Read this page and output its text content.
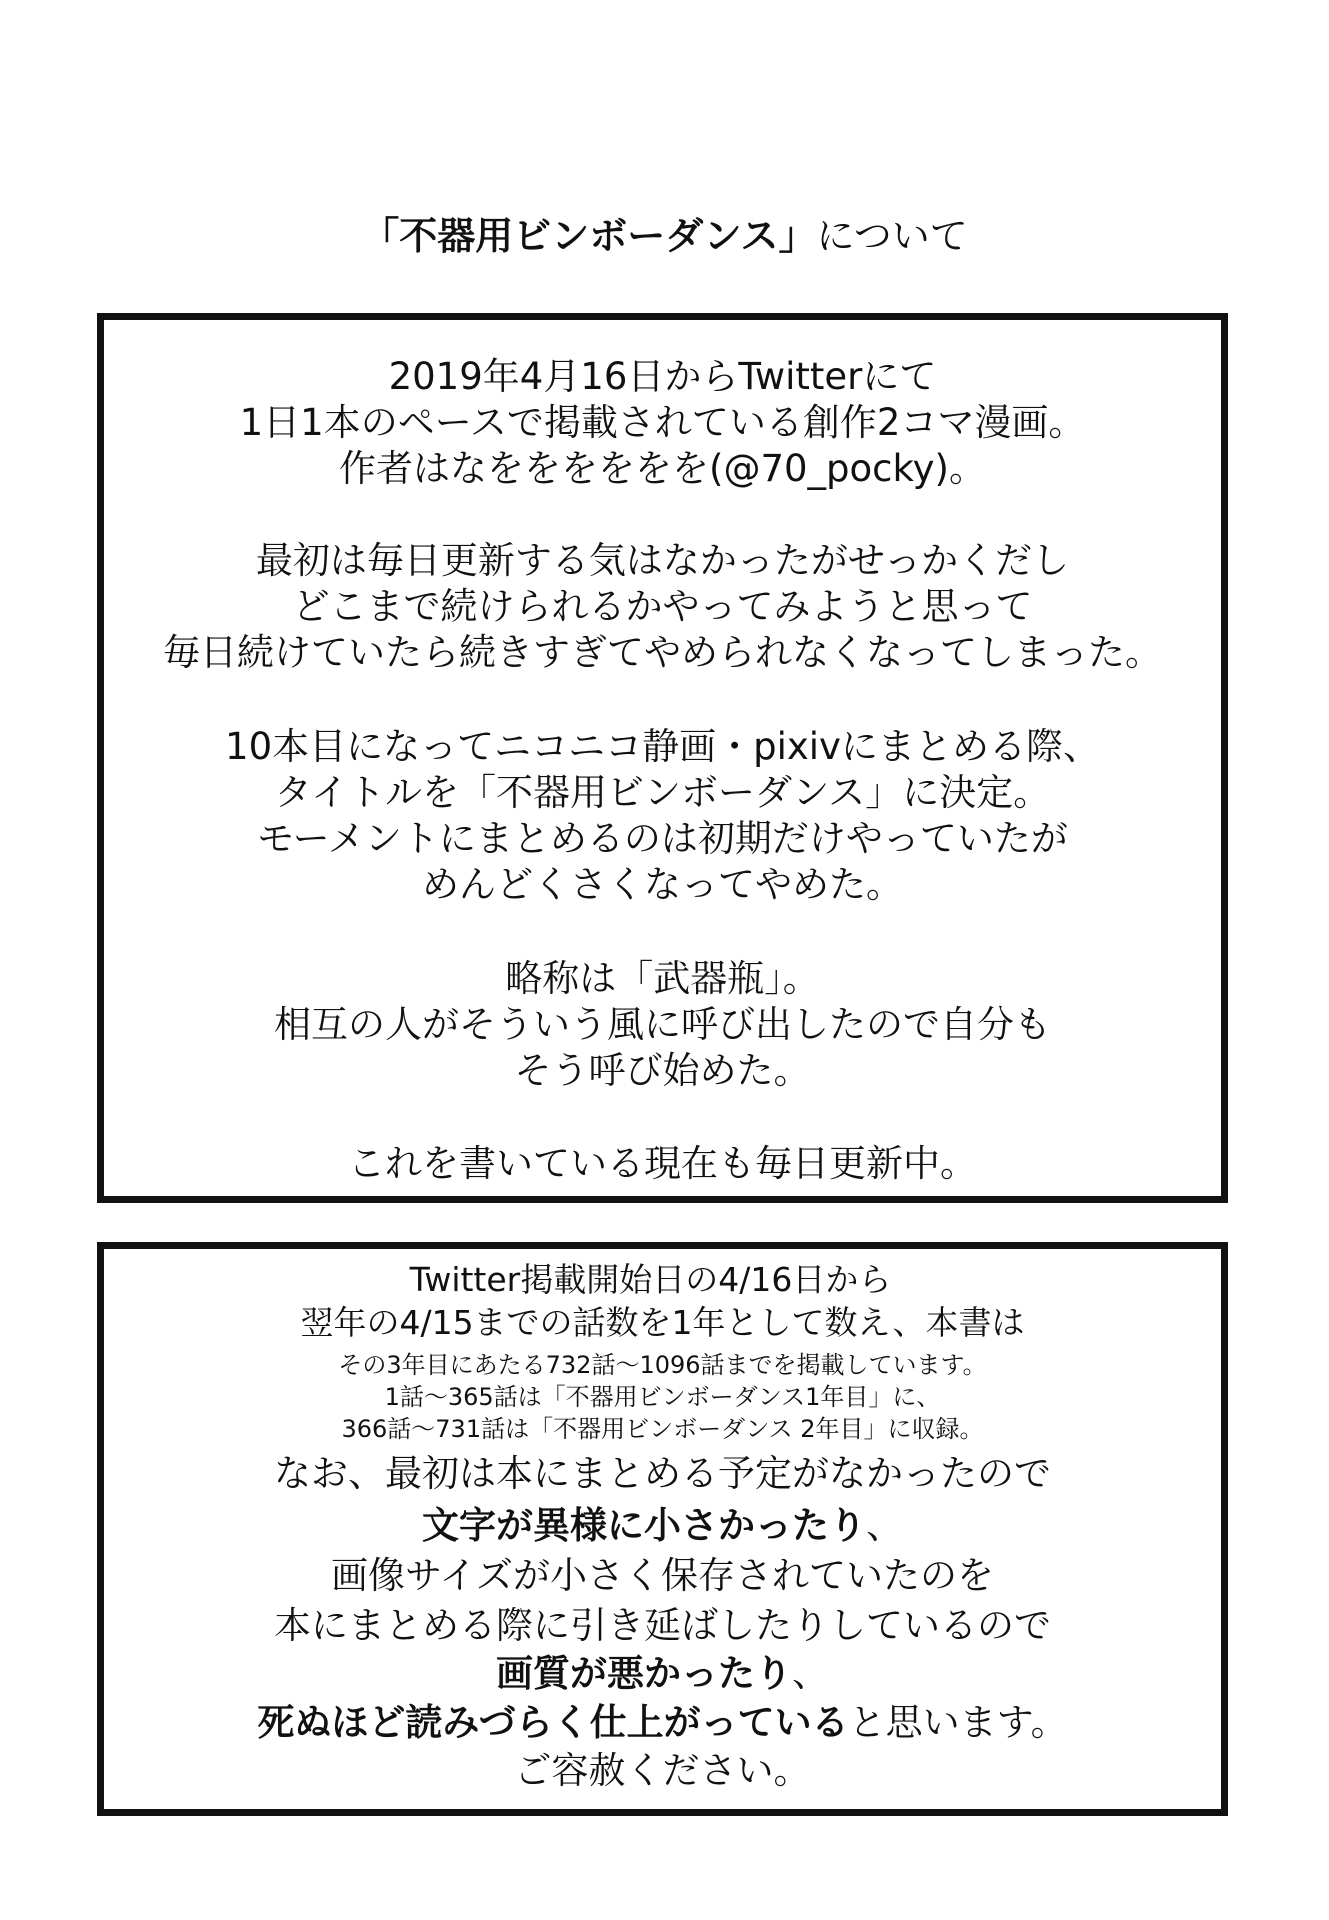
「不器用ビンボーダンス」について
2019年4月16日からTwitterにて
1日1本のペースで掲載されている創作2コマ漫画。
作者はなをををををを(@70_pocky)。
最初は毎日更新する気はなかったがせっかくだし
どこまで続けられるかやってみようと思って
毎日続けていたら続きすぎてやめられなくなってしまった。
10本目になってニコニコ静画・pixivにまとめる際、
タイトルを「不器用ビンボーダンス」に決定。
モーメントにまとめるのは初期だけやっていたが
めんどくさくなってやめた。
略称は「武器瓶」。
相互の人がそういう風に呼び出したので自分も
そう呼び始めた。
これを書いている現在も毎日更新中。
Twitter掲載開始日の4/16日から
翌年の4/15までの話数を1年として数え、本書は
その3年目にあたる732話～1096話までを掲載しています。
1話～365話は「不器用ビンボーダンス1年目」に、
366話～731話は「不器用ビンボーダンス 2年目」に収録。
なお、最初は本にまとめる予定がなかったので
文字が異様に小さかったり、
画像サイズが小さく保存されていたのを
本にまとめる際に引き延ばしたりしているので
画質が悪かったり、
死ぬほど読みづらく仕上がっていると思います。
ご容赦ください。
